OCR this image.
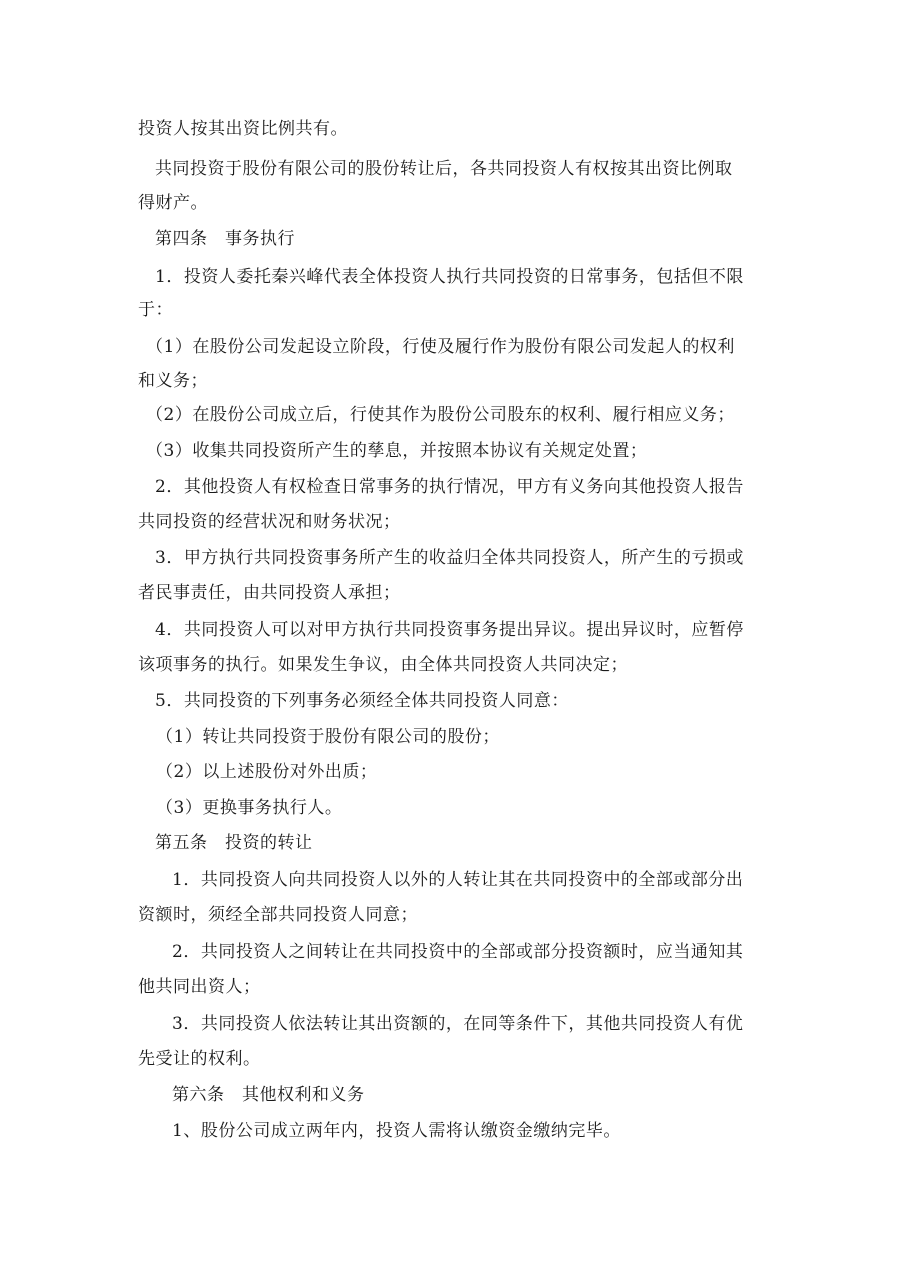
投资人按其出资比例共有。
共同投资于股份有限公司的股份转让后，各共同投资人有权按其出资比例取
得财产。
第四条　事务执行
1．投资人委托秦兴峰代表全体投资人执行共同投资的日常事务，包括但不限
于：
（1）在股份公司发起设立阶段，行使及履行作为股份有限公司发起人的权利
和义务；
（2）在股份公司成立后，行使其作为股份公司股东的权利、履行相应义务；
（3）收集共同投资所产生的孳息，并按照本协议有关规定处置；
2．其他投资人有权检查日常事务的执行情况，甲方有义务向其他投资人报告
共同投资的经营状况和财务状况；
3．甲方执行共同投资事务所产生的收益归全体共同投资人，所产生的亏损或
者民事责任，由共同投资人承担；
4．共同投资人可以对甲方执行共同投资事务提出异议。提出异议时，应暂停
该项事务的执行。如果发生争议，由全体共同投资人共同决定；
5．共同投资的下列事务必须经全体共同投资人同意：
（1）转让共同投资于股份有限公司的股份；
（2）以上述股份对外出质；
（3）更换事务执行人。
第五条　投资的转让
1．共同投资人向共同投资人以外的人转让其在共同投资中的全部或部分出
资额时，须经全部共同投资人同意；
2．共同投资人之间转让在共同投资中的全部或部分投资额时，应当通知其
他共同出资人；
3．共同投资人依法转让其出资额的，在同等条件下，其他共同投资人有优
先受让的权利。
第六条　其他权利和义务
1、股份公司成立两年内，投资人需将认缴资金缴纳完毕。
